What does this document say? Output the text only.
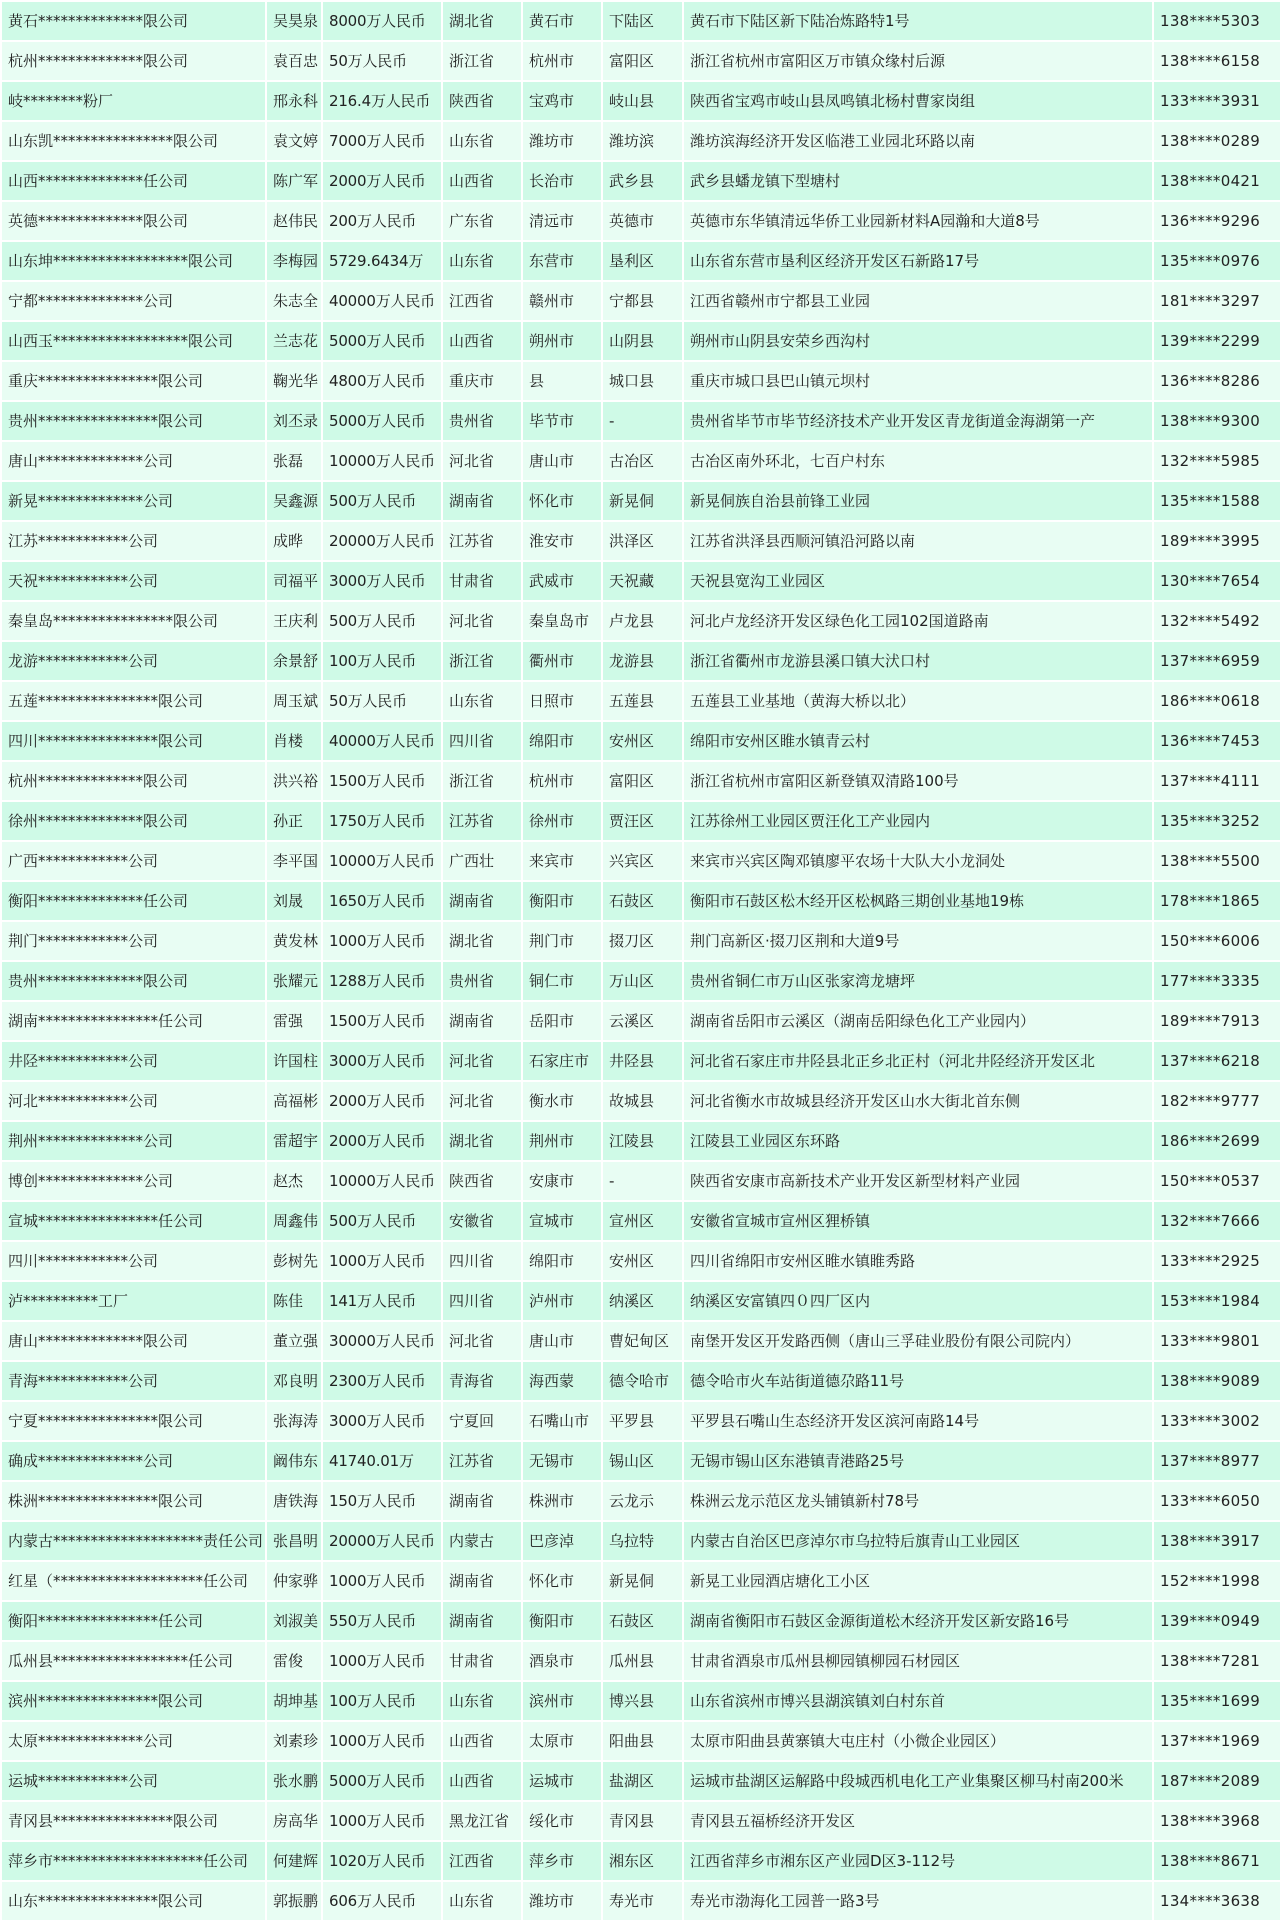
黄石**************限公司	吴昊泉	8000万人民币	湖北省	黄石市	下陆区	黄石市下陆区新下陆冶炼路特1号	138****5303
杭州**************限公司	袁百忠	50万人民币	浙江省	杭州市	富阳区	浙江省杭州市富阳区万市镇众缘村后源	138****6158
岐********粉厂	邢永科	216.4万人民币	陕西省	宝鸡市	岐山县	陕西省宝鸡市岐山县凤鸣镇北杨村曹家岗组	133****3931
山东凯****************限公司	袁文婷	7000万人民币	山东省	潍坊市	潍坊滨	潍坊滨海经济开发区临港工业园北环路以南	138****0289
山西**************任公司	陈广军	2000万人民币	山西省	长治市	武乡县	武乡县蟠龙镇下型塘村	138****0421
英德**************限公司	赵伟民	200万人民币	广东省	清远市	英德市	英德市东华镇清远华侨工业园新材料A园瀚和大道8号	136****9296
山东坤******************限公司	李梅园	5729.6434万	山东省	东营市	垦利区	山东省东营市垦利区经济开发区石新路17号	135****0976
宁都**************公司	朱志全	40000万人民币	江西省	赣州市	宁都县	江西省赣州市宁都县工业园	181****3297
山西玉******************限公司	兰志花	5000万人民币	山西省	朔州市	山阴县	朔州市山阴县安荣乡西沟村	139****2299
重庆****************限公司	鞠光华	4800万人民币	重庆市	县	城口县	重庆市城口县巴山镇元坝村	136****8286
贵州****************限公司	刘丕录	5000万人民币	贵州省	毕节市	-	贵州省毕节市毕节经济技术产业开发区青龙街道金海湖第一产	138****9300
唐山**************公司	张磊	10000万人民币	河北省	唐山市	古冶区	古冶区南外环北，七百户村东	132****5985
新晃**************公司	吴鑫源	500万人民币	湖南省	怀化市	新晃侗	新晃侗族自治县前锋工业园	135****1588
江苏************公司	成晔	20000万人民币	江苏省	淮安市	洪泽区	江苏省洪泽县西顺河镇沿河路以南	189****3995
天祝************公司	司福平	3000万人民币	甘肃省	武威市	天祝藏	天祝县宽沟工业园区	130****7654
秦皇岛****************限公司	王庆利	500万人民币	河北省	秦皇岛市	卢龙县	河北卢龙经济开发区绿色化工园102国道路南	132****5492
龙游************公司	余景舒	100万人民币	浙江省	衢州市	龙游县	浙江省衢州市龙游县溪口镇大汱口村	137****6959
五莲****************限公司	周玉斌	50万人民币	山东省	日照市	五莲县	五莲县工业基地（黄海大桥以北）	186****0618
四川****************限公司	肖楼	40000万人民币	四川省	绵阳市	安州区	绵阳市安州区睢水镇青云村	136****7453
杭州**************限公司	洪兴裕	1500万人民币	浙江省	杭州市	富阳区	浙江省杭州市富阳区新登镇双清路100号	137****4111
徐州**************限公司	孙正	1750万人民币	江苏省	徐州市	贾汪区	江苏徐州工业园区贾汪化工产业园内	135****3252
广西************公司	李平国	10000万人民币	广西壮	来宾市	兴宾区	来宾市兴宾区陶邓镇廖平农场十大队大小龙洞处	138****5500
衡阳**************任公司	刘晟	1650万人民币	湖南省	衡阳市	石鼓区	衡阳市石鼓区松木经开区松枫路三期创业基地19栋	178****1865
荆门************公司	黄发林	1000万人民币	湖北省	荆门市	掇刀区	荆门高新区·掇刀区荆和大道9号	150****6006
贵州**************限公司	张耀元	1288万人民币	贵州省	铜仁市	万山区	贵州省铜仁市万山区张家湾龙塘坪	177****3335
湖南****************任公司	雷强	1500万人民币	湖南省	岳阳市	云溪区	湖南省岳阳市云溪区（湖南岳阳绿色化工产业园内）	189****7913
井陉************公司	许国柱	3000万人民币	河北省	石家庄市	井陉县	河北省石家庄市井陉县北正乡北正村（河北井陉经济开发区北	137****6218
河北************公司	高福彬	2000万人民币	河北省	衡水市	故城县	河北省衡水市故城县经济开发区山水大街北首东侧	182****9777
荆州**************公司	雷超宇	2000万人民币	湖北省	荆州市	江陵县	江陵县工业园区东环路	186****2699
博创**************公司	赵杰	10000万人民币	陕西省	安康市	-	陕西省安康市高新技术产业开发区新型材料产业园	150****0537
宣城****************任公司	周鑫伟	500万人民币	安徽省	宣城市	宣州区	安徽省宣城市宣州区狸桥镇	132****7666
四川************公司	彭树先	1000万人民币	四川省	绵阳市	安州区	四川省绵阳市安州区睢水镇睢秀路	133****2925
泸**********工厂	陈佳	141万人民币	四川省	泸州市	纳溪区	纳溪区安富镇四０四厂区内	153****1984
唐山**************限公司	董立强	30000万人民币	河北省	唐山市	曹妃甸区	南堡开发区开发路西侧（唐山三孚硅业股份有限公司院内）	133****9801
青海************公司	邓良明	2300万人民币	青海省	海西蒙	德令哈市	德令哈市火车站街道德尕路11号	138****9089
宁夏****************限公司	张海涛	3000万人民币	宁夏回	石嘴山市	平罗县	平罗县石嘴山生态经济开发区滨河南路14号	133****3002
确成**************公司	阚伟东	41740.01万	江苏省	无锡市	锡山区	无锡市锡山区东港镇青港路25号	137****8977
株洲****************限公司	唐铁海	150万人民币	湖南省	株洲市	云龙示	株洲云龙示范区龙头铺镇新村78号	133****6050
内蒙古********************责任公司	张昌明	20000万人民币	内蒙古	巴彦淖	乌拉特	内蒙古自治区巴彦淖尔市乌拉特后旗青山工业园区	138****3917
红星（********************任公司	仲家骅	1000万人民币	湖南省	怀化市	新晃侗	新晃工业园酒店塘化工小区	152****1998
衡阳****************任公司	刘淑美	550万人民币	湖南省	衡阳市	石鼓区	湖南省衡阳市石鼓区金源街道松木经济开发区新安路16号	139****0949
瓜州县******************任公司	雷俊	1000万人民币	甘肃省	酒泉市	瓜州县	甘肃省酒泉市瓜州县柳园镇柳园石材园区	138****7281
滨州****************限公司	胡坤基	100万人民币	山东省	滨州市	博兴县	山东省滨州市博兴县湖滨镇刘白村东首	135****1699
太原**************公司	刘素珍	1000万人民币	山西省	太原市	阳曲县	太原市阳曲县黄寨镇大屯庄村（小微企业园区）	137****1969
运城************公司	张水鹏	5000万人民币	山西省	运城市	盐湖区	运城市盐湖区运解路中段城西机电化工产业集聚区柳马村南200米	187****2089
青冈县****************限公司	房高华	1000万人民币	黑龙江省	绥化市	青冈县	青冈县五福桥经济开发区	138****3968
萍乡市********************任公司	何建辉	1020万人民币	江西省	萍乡市	湘东区	江西省萍乡市湘东区产业园D区3-112号	138****8671
山东****************限公司	郭振鹏	606万人民币	山东省	潍坊市	寿光市	寿光市渤海化工园普一路3号	134****3638
